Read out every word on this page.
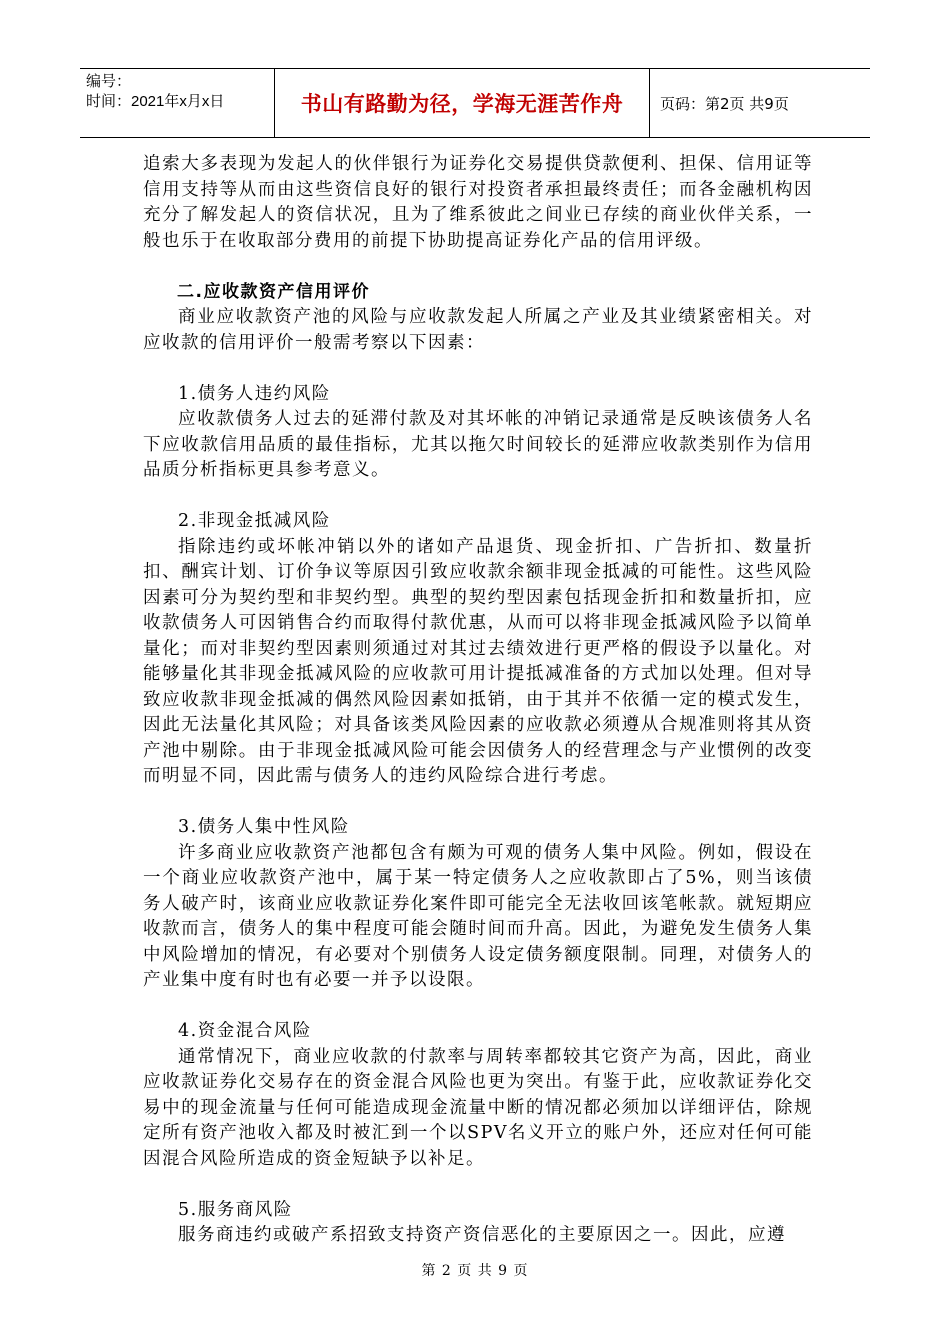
编号：
时间：2021年x月x日	书山有路勤为径，学海无涯苦作舟	页码：第2页 共9页

追索大多表现为发起人的伙伴银行为证券化交易提供贷款便利、担保、信用证等信用支持等从而由这些资信良好的银行对投资者承担最终责任；而各金融机构因充分了解发起人的资信状况，且为了维系彼此之间业已存续的商业伙伴关系，一般也乐于在收取部分费用的前提下协助提高证券化产品的信用评级。

二.应收款资产信用评价

商业应收款资产池的风险与应收款发起人所属之产业及其业绩紧密相关。对应收款的信用评价一般需考察以下因素：

1.债务人违约风险

应收款债务人过去的延滞付款及对其坏帐的冲销记录通常是反映该债务人名下应收款信用品质的最佳指标，尤其以拖欠时间较长的延滞应收款类别作为信用品质分析指标更具参考意义。

2.非现金抵减风险

指除违约或坏帐冲销以外的诸如产品退货、现金折扣、广告折扣、数量折扣、酬宾计划、订价争议等原因引致应收款余额非现金抵减的可能性。这些风险因素可分为契约型和非契约型。典型的契约型因素包括现金折扣和数量折扣，应收款债务人可因销售合约而取得付款优惠，从而可以将非现金抵减风险予以简单量化；而对非契约型因素则须通过对其过去绩效进行更严格的假设予以量化。对能够量化其非现金抵减风险的应收款可用计提抵减准备的方式加以处理。但对导致应收款非现金抵减的偶然风险因素如抵销，由于其并不依循一定的模式发生，因此无法量化其风险；对具备该类风险因素的应收款必须遵从合规准则将其从资产池中剔除。由于非现金抵减风险可能会因债务人的经营理念与产业惯例的改变而明显不同，因此需与债务人的违约风险综合进行考虑。

3.债务人集中性风险

许多商业应收款资产池都包含有颇为可观的债务人集中风险。例如，假设在一个商业应收款资产池中，属于某一特定债务人之应收款即占了5%，则当该债务人破产时，该商业应收款证券化案件即可能完全无法收回该笔帐款。就短期应收款而言，债务人的集中程度可能会随时间而升高。因此，为避免发生债务人集中风险增加的情况，有必要对个别债务人设定债务额度限制。同理，对债务人的产业集中度有时也有必要一并予以设限。

4.资金混合风险

通常情况下，商业应收款的付款率与周转率都较其它资产为高，因此，商业应收款证券化交易存在的资金混合风险也更为突出。有鉴于此，应收款证券化交易中的现金流量与任何可能造成现金流量中断的情况都必须加以详细评估，除规定所有资产池收入都及时被汇到一个以SPV名义开立的账户外，还应对任何可能因混合风险所造成的资金短缺予以补足。

5.服务商风险

服务商违约或破产系招致支持资产资信恶化的主要原因之一。因此，应遵

第 2 页 共 9 页
